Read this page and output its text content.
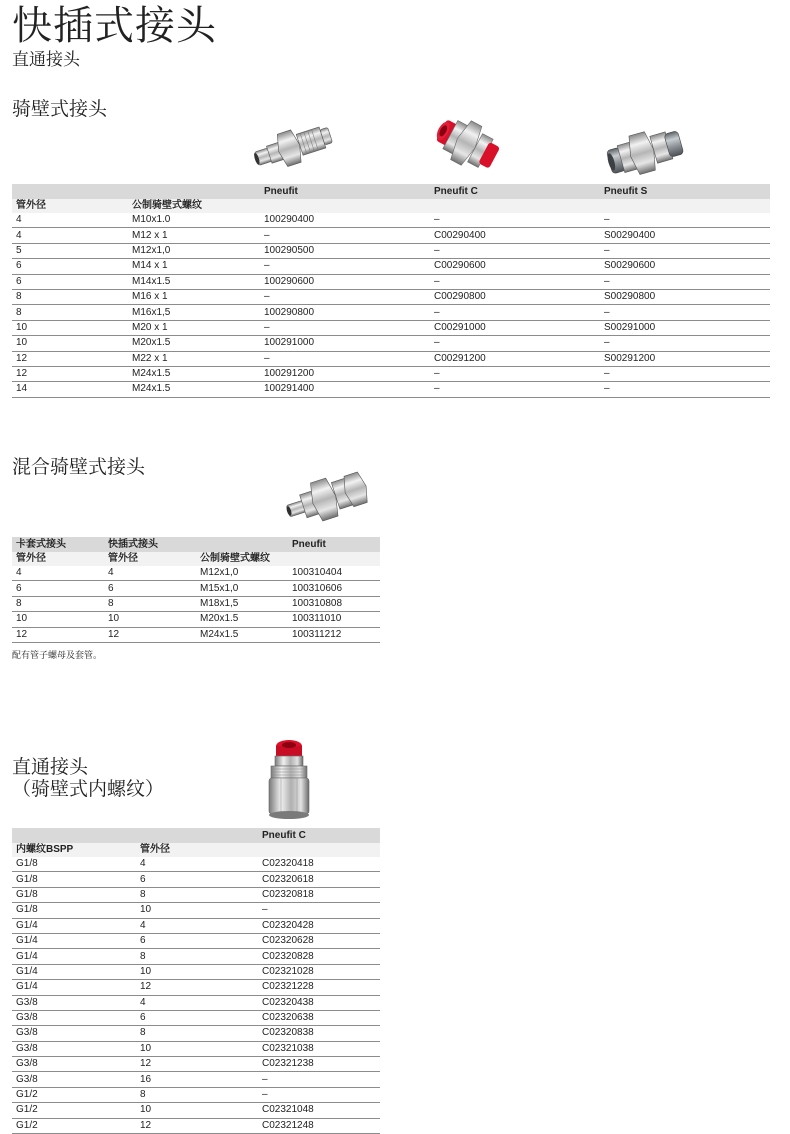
快插式接头
直通接头
骑壁式接头
		Pneufit	Pneufit C	Pneufit S
管外径	公制骑壁式螺纹			
4	M10x1.0	100290400	–	–
4	M12 x 1	–	C00290400	S00290400
5	M12x1,0	100290500	–	–
6	M14 x 1	–	C00290600	S00290600
6	M14x1.5	100290600	–	–
8	M16 x 1	–	C00290800	S00290800
8	M16x1,5	100290800	–	–
10	M20 x 1	–	C00291000	S00291000
10	M20x1.5	100291000	–	–
12	M22 x 1	–	C00291200	S00291200
12	M24x1.5	100291200	–	–
14	M24x1.5	100291400	–	–
混合骑壁式接头
卡套式接头	快插式接头		Pneufit
管外径	管外径	公制骑壁式螺纹	
4	4	M12x1,0	100310404
6	6	M15x1,0	100310606
8	8	M18x1,5	100310808
10	10	M20x1.5	100311010
12	12	M24x1.5	100311212
配有管子螺母及套管。
直通接头
（骑壁式内螺纹）
		Pneufit C
内螺纹BSPP	管外径	
G1/8	4	C02320418
G1/8	6	C02320618
G1/8	8	C02320818
G1/8	10	–
G1/4	4	C02320428
G1/4	6	C02320628
G1/4	8	C02320828
G1/4	10	C02321028
G1/4	12	C02321228
G3/8	4	C02320438
G3/8	6	C02320638
G3/8	8	C02320838
G3/8	10	C02321038
G3/8	12	C02321238
G3/8	16	–
G1/2	8	–
G1/2	10	C02321048
G1/2	12	C02321248
